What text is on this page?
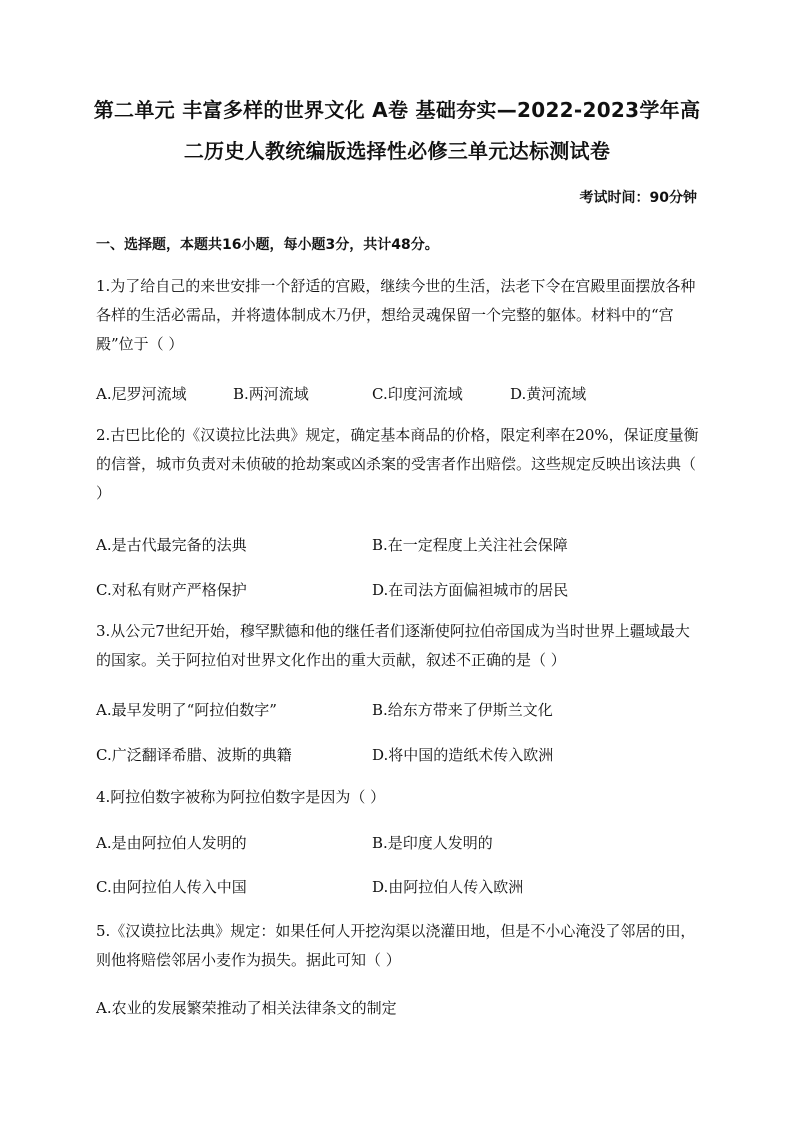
第二单元 丰富多样的世界文化 A卷 基础夯实—2022-2023学年高
二历史人教统编版选择性必修三单元达标测试卷
考试时间：90分钟
一、选择题，本题共16小题，每小题3分，共计48分。
1.为了给自己的来世安排一个舒适的宫殿，继续今世的生活，法老下令在宫殿里面摆放各种各样的生活必需品，并将遗体制成木乃伊，想给灵魂保留一个完整的躯体。材料中的“宫殿”位于（ ）
A.尼罗河流域	B.两河流域	C.印度河流域	D.黄河流域
2.古巴比伦的《汉谟拉比法典》规定，确定基本商品的价格，限定利率在20%，保证度量衡的信誉，城市负责对未侦破的抢劫案或凶杀案的受害者作出赔偿。这些规定反映出该法典（ ）
A.是古代最完备的法典	B.在一定程度上关注社会保障
C.对私有财产严格保护	D.在司法方面偏袒城市的居民
3.从公元7世纪开始，穆罕默德和他的继任者们逐渐使阿拉伯帝国成为当时世界上疆域最大的国家。关于阿拉伯对世界文化作出的重大贡献，叙述不正确的是（ ）
A.最早发明了“阿拉伯数字”	B.给东方带来了伊斯兰文化
C.广泛翻译希腊、波斯的典籍	D.将中国的造纸术传入欧洲
4.阿拉伯数字被称为阿拉伯数字是因为（ ）
A.是由阿拉伯人发明的	B.是印度人发明的
C.由阿拉伯人传入中国	D.由阿拉伯人传入欧洲
5.《汉谟拉比法典》规定：如果任何人开挖沟渠以浇灌田地，但是不小心淹没了邻居的田，则他将赔偿邻居小麦作为损失。据此可知（ ）
A.农业的发展繁荣推动了相关法律条文的制定
